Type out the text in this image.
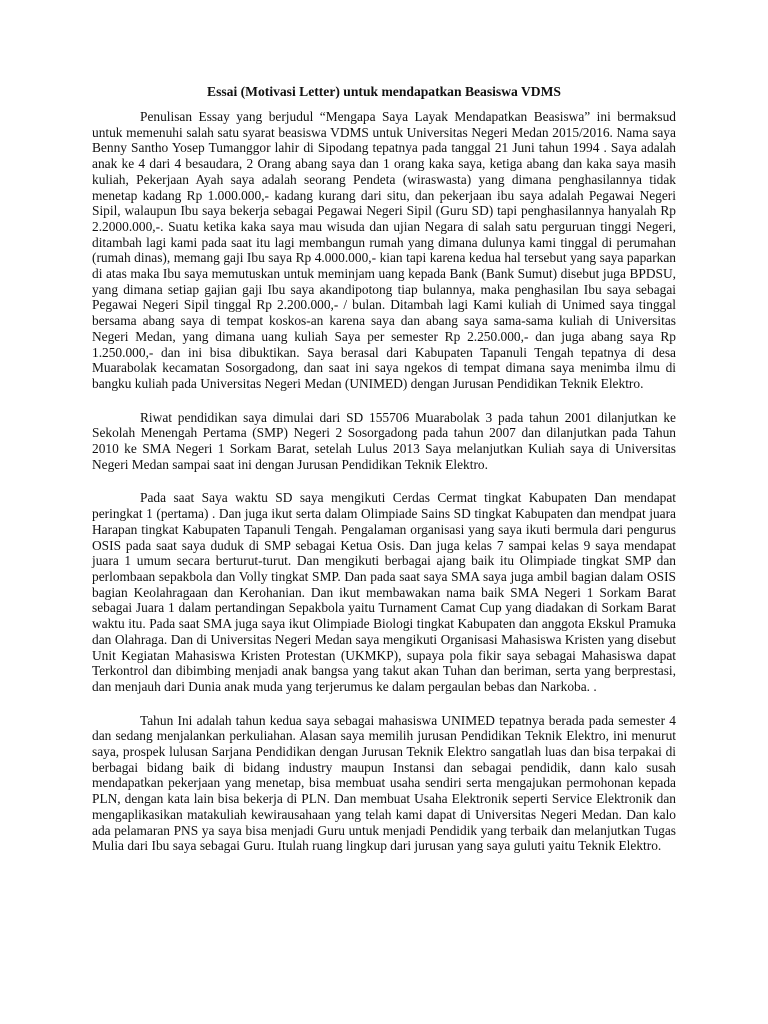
Essai (Motivasi Letter) untuk mendapatkan Beasiswa VDMS

Penulisan Essay yang berjudul “Mengapa Saya Layak Mendapatkan Beasiswa” ini bermaksud untuk memenuhi salah satu syarat beasiswa VDMS untuk Universitas Negeri Medan 2015/2016. Nama saya Benny Santho Yosep Tumanggor lahir di Sipodang tepatnya pada tanggal 21 Juni tahun 1994 . Saya adalah anak ke 4 dari 4 besaudara, 2 Orang abang saya dan 1 orang kaka saya, ketiga abang dan kaka saya masih kuliah, Pekerjaan Ayah saya adalah seorang Pendeta (wiraswasta) yang dimana penghasilannya tidak menetap kadang Rp 1.000.000,- kadang kurang dari situ, dan pekerjaan ibu saya adalah Pegawai Negeri Sipil, walaupun Ibu saya bekerja sebagai Pegawai Negeri Sipil (Guru SD) tapi penghasilannya hanyalah Rp 2.2000.000,-. Suatu ketika kaka saya mau wisuda dan ujian Negara di salah satu perguruan tinggi Negeri, ditambah lagi kami pada saat itu lagi membangun rumah yang dimana dulunya kami tinggal di perumahan (rumah dinas), memang gaji Ibu saya Rp 4.000.000,- kian tapi karena kedua hal tersebut yang saya paparkan di atas maka Ibu saya memutuskan untuk meminjam uang kepada Bank (Bank Sumut) disebut juga BPDSU, yang dimana setiap gajian gaji Ibu saya akandipotong tiap bulannya, maka penghasilan Ibu saya sebagai Pegawai Negeri Sipil tinggal Rp 2.200.000,- / bulan. Ditambah lagi Kami kuliah di Unimed saya tinggal bersama abang saya di tempat koskos-an karena saya dan abang saya sama-sama kuliah di Universitas Negeri Medan, yang dimana uang kuliah Saya per semester Rp 2.250.000,- dan juga abang saya Rp 1.250.000,- dan ini bisa dibuktikan. Saya berasal dari Kabupaten Tapanuli Tengah tepatnya di desa Muarabolak kecamatan Sosorgadong, dan saat ini saya ngekos di tempat dimana saya menimba ilmu di bangku kuliah pada Universitas Negeri Medan (UNIMED) dengan Jurusan Pendidikan Teknik Elektro.

Riwat pendidikan saya dimulai dari SD 155706 Muarabolak 3 pada tahun 2001 dilanjutkan ke Sekolah Menengah Pertama (SMP) Negeri 2 Sosorgadong pada tahun 2007 dan dilanjutkan pada Tahun 2010 ke SMA Negeri 1 Sorkam Barat, setelah Lulus 2013 Saya melanjutkan Kuliah saya di Universitas Negeri Medan sampai saat ini dengan Jurusan Pendidikan Teknik Elektro.

Pada saat Saya waktu SD saya mengikuti Cerdas Cermat tingkat Kabupaten Dan mendapat peringkat 1 (pertama) . Dan juga ikut serta dalam Olimpiade Sains SD tingkat Kabupaten dan mendpat juara Harapan tingkat Kabupaten Tapanuli Tengah. Pengalaman organisasi yang saya ikuti bermula dari pengurus OSIS pada saat saya duduk di SMP sebagai Ketua Osis. Dan juga kelas 7 sampai kelas 9 saya mendapat juara 1 umum secara berturut-turut. Dan mengikuti berbagai ajang baik itu Olimpiade tingkat SMP dan perlombaan sepakbola dan Volly tingkat SMP. Dan pada saat saya SMA saya juga ambil bagian dalam OSIS bagian Keolahragaan dan Kerohanian. Dan ikut membawakan nama baik SMA Negeri 1 Sorkam Barat sebagai Juara 1 dalam pertandingan Sepakbola yaitu Turnament Camat Cup yang diadakan di Sorkam Barat waktu itu. Pada saat SMA juga saya ikut Olimpiade Biologi tingkat Kabupaten dan anggota Ekskul Pramuka dan Olahraga. Dan di Universitas Negeri Medan saya mengikuti Organisasi Mahasiswa Kristen yang disebut Unit Kegiatan Mahasiswa Kristen Protestan (UKMKP), supaya pola fikir saya sebagai Mahasiswa dapat Terkontrol dan dibimbing menjadi anak bangsa yang takut akan Tuhan dan beriman, serta yang berprestasi, dan menjauh dari Dunia anak muda yang terjerumus ke dalam pergaulan bebas dan Narkoba. .

Tahun Ini adalah tahun kedua saya sebagai mahasiswa UNIMED tepatnya berada pada semester 4 dan sedang menjalankan perkuliahan. Alasan saya memilih jurusan Pendidikan Teknik Elektro, ini menurut saya, prospek lulusan Sarjana Pendidikan dengan Jurusan Teknik Elektro sangatlah luas dan bisa terpakai di berbagai bidang baik di bidang industry maupun Instansi dan sebagai pendidik, dann kalo susah mendapatkan pekerjaan yang menetap, bisa membuat usaha sendiri serta mengajukan permohonan kepada PLN, dengan kata lain bisa bekerja di PLN. Dan membuat Usaha Elektronik seperti Service Elektronik dan mengaplikasikan matakuliah kewirausahaan yang telah kami dapat di Universitas Negeri Medan. Dan kalo ada pelamaran PNS ya saya bisa menjadi Guru untuk menjadi Pendidik yang terbaik dan melanjutkan Tugas Mulia dari Ibu saya sebagai Guru. Itulah ruang lingkup dari jurusan yang saya guluti yaitu Teknik Elektro.
